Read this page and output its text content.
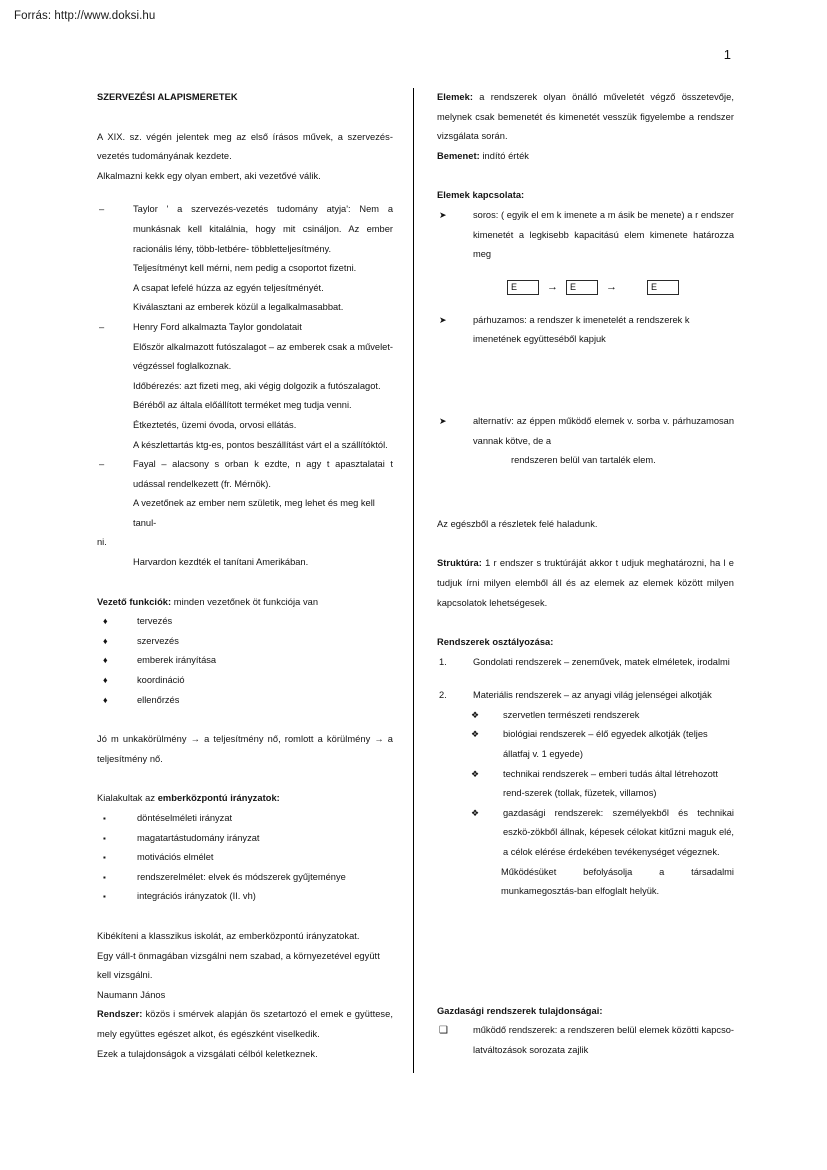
Forrás: http://www.doksi.hu
1
SZERVEZÉSI ALAPISMERETEK
A XIX. sz. végén jelentek meg az első írásos művek, a szervezés-vezetés tudományának kezdete.
Alkalmazni kekk egy olyan embert, aki vezetővé válik.
–	Taylor ' a szervezés-vezetés tudomány atyja': Nem a munkásnak kell kitalálnia, hogy mit csináljon. Az ember racionális lény, több-letbére- többletteljesítmény.
Teljesítményt kell mérni, nem pedig a csoportot fizetni.
A csapat lefelé húzza az egyén teljesítményét.
Kiválasztani az emberek közül a legalkalmasabbat.
–	Henry Ford alkalmazta Taylor gondolatait
Először alkalmazott futószalagot – az emberek csak a művelet-végzéssel foglalkoznak.
Időbérezés: azt fizeti meg, aki végig dolgozik a futószalagot.
Béréből az általa előállított terméket meg tudja venni.
Étkeztetés, üzemi óvoda, orvosi ellátás.
A készlettartás ktg-es, pontos beszállítást várt el a szállítóktól.
–	Fayal – alacsony s orban k ezdte, n agy t apasztalatai t udással rendelkezett (fr. Mérnök).
A vezetőnek az ember nem születik, meg lehet és meg kell tanul-
ni.
Harvardon kezdték el tanítani Amerikában.
Vezető funkciók: minden vezetőnek öt funkciója van
♦	tervezés
♦	szervezés
♦	emberek irányítása
♦	koordináció
♦	ellenőrzés
Jó m unkakörülmény → a teljesítmény nő, romlott a körülmény → a teljesítmény nő.
Kialakultak az emberközpontú irányzatok:
▪	döntéselméleti irányzat
▪	magatartástudomány irányzat
▪	motivációs elmélet
▪	rendszerelmélet: elvek és módszerek gyűjteménye
▪	integrációs irányzatok (II. vh)
Kibékíteni a klasszikus iskolát, az emberközpontú irányzatokat.
Egy váll-t önmagában vizsgálni nem szabad, a környezetével együtt kell vizsgálni.
Naumann János
Rendszer: közös i smérvek alapján ös szetartozó el emek e gyüttese, mely együttes egészet alkot, és egészként viselkedik.
Ezek a tulajdonságok a vizsgálati célból keletkeznek.
Elemek: a rendszerek olyan önálló műveletét végző összetevője, melynek csak bemenetét és kimenetét vesszük figyelembe a rendszer vizsgálata során.
Bemenet: indító érték
Elemek kapcsolata:
➤	soros: ( egyik el em k imenete a m ásik be menete) a r endszer kimenetét a legkisebb kapacitású elem kimenete határozza meg
E	→	E	→	E
➤	párhuzamos: a rendszer k imenetelét a rendszerek k imenetének együtteséből kapjuk
➤	alternatív: az éppen működő elemek v. sorba v. párhuzamosan vannak kötve, de a
rendszeren belül van tartalék elem.
Az egészből a részletek felé haladunk.
Struktúra: 1 r endszer s truktúráját akkor t udjuk meghatározni, ha l e tudjuk írni milyen elemből áll és az elemek az elemek között milyen kapcsolatok lehetségesek.
Rendszerek osztályozása:
1.	Gondolati rendszerek – zeneművek, matek elméletek, irodalmi
2.	Materiális rendszerek – az anyagi világ jelenségei alkotják
❖	szervetlen természeti rendszerek
❖	biológiai rendszerek – élő egyedek alkotják (teljes állatfaj v. 1 egyede)
❖	technikai rendszerek – emberi tudás által létrehozott rend-szerek (tollak, füzetek, villamos)
❖	gazdasági rendszerek: személyekből és technikai eszkö-zökből állnak, képesek célokat kitűzni maguk elé, a célok elérése érdekében tevékenységet végeznek.
Működésüket befolyásolja a társadalmi munkamegosztás-ban elfoglalt helyük.
Gazdasági rendszerek tulajdonságai:
❑	működő rendszerek: a rendszeren belül elemek közötti kapcso-latváltozások sorozata zajlik
